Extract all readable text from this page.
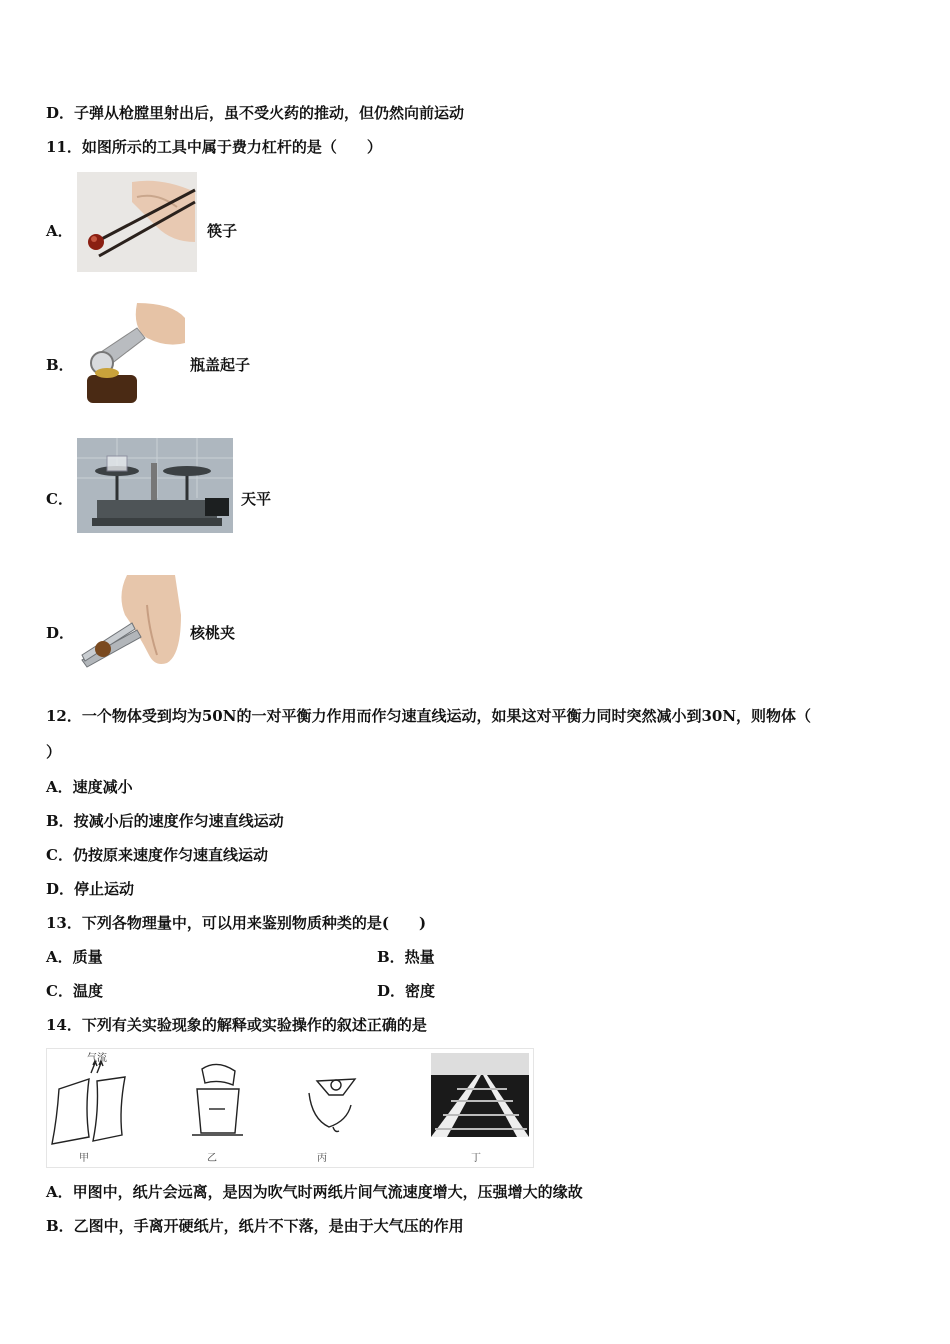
D．子弹从枪膛里射出后，虽不受火药的推动，但仍然向前运动
11．如图所示的工具中属于费力杠杆的是（　　）
A．	筷子
B．	瓶盖起子
C．	天平
D．	核桃夹
12．一个物体受到均为50N的一对平衡力作用而作匀速直线运动，如果这对平衡力同时突然减小到30N，则物体（
）
A．速度减小
B．按减小后的速度作匀速直线运动
C．仍按原来速度作匀速直线运动
D．停止运动
13．下列各物理量中，可以用来鉴别物质种类的是(　　)
A．质量	B．热量
C．温度	D．密度
14．下列有关实验现象的解释或实验操作的叙述正确的是
气流
甲	乙	丙	丁
A．甲图中，纸片会远离，是因为吹气时两纸片间气流速度增大，压强增大的缘故
B．乙图中，手离开硬纸片，纸片不下落，是由于大气压的作用
